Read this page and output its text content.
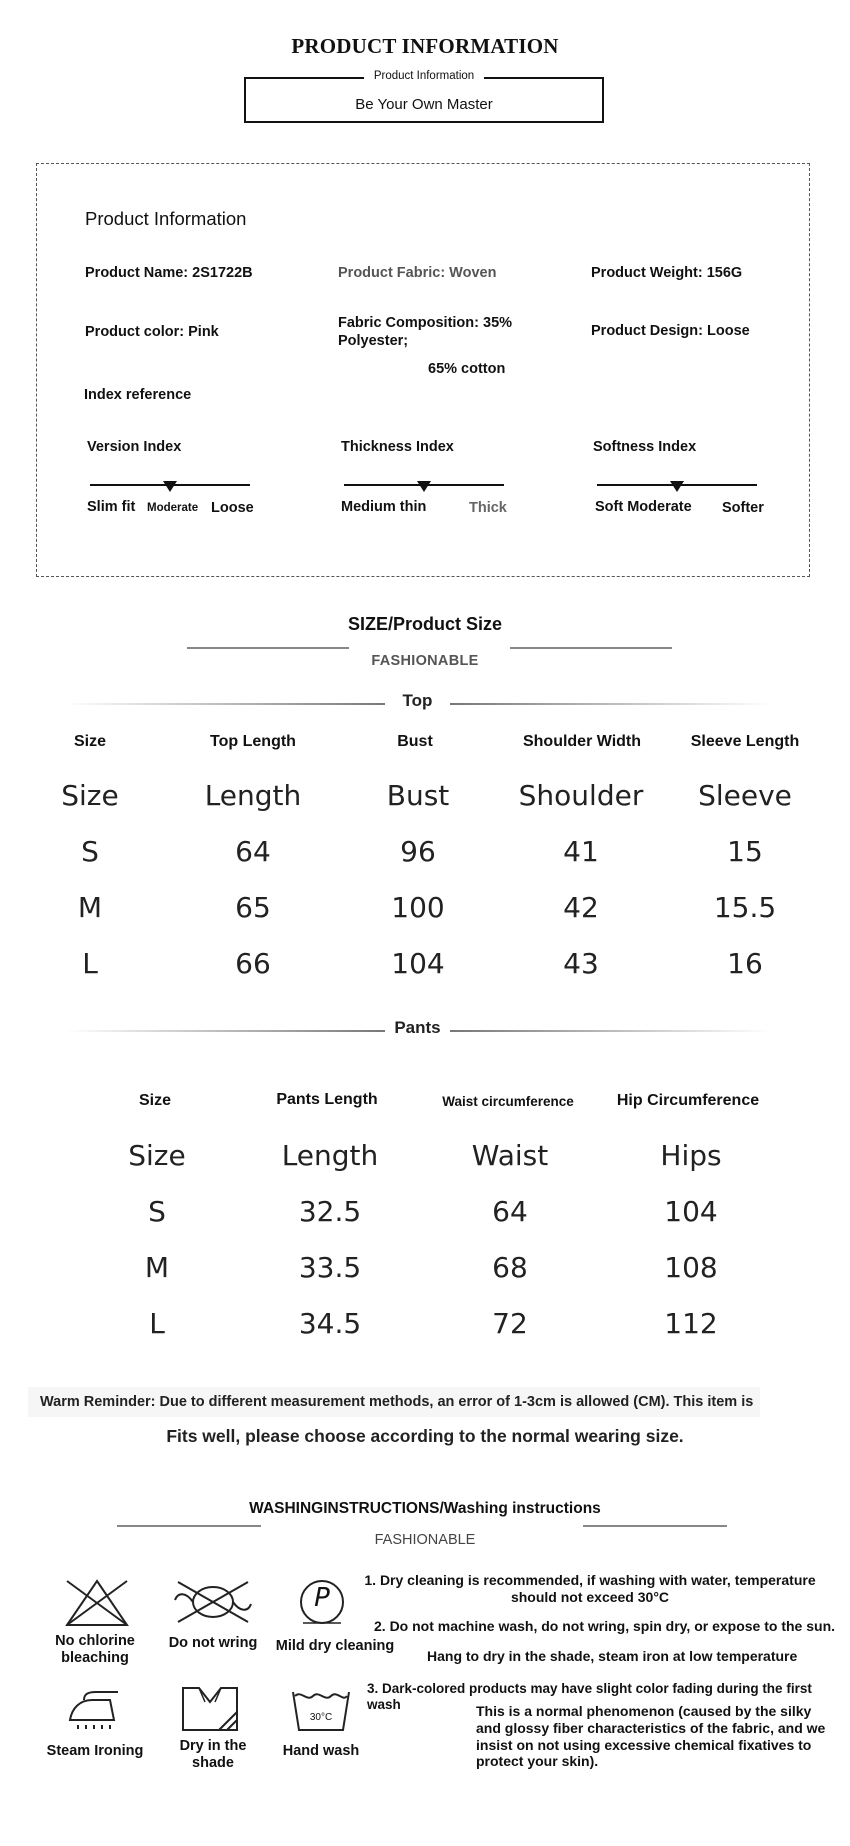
PRODUCT INFORMATION
Product Information
Be Your Own Master
Product Information
Product Name: 2S1722B	Product Fabric: Woven	Product Weight: 156G
Product color: Pink
Fabric Composition: 35%
Polyester;
65% cotton
Product Design: Loose
Index reference
Version Index
Slim fit Moderate Loose
Thickness Index
Medium thin	Thick
Softness Index
Soft Moderate Softer
SIZE/Product Size
FASHIONABLE
Top
Size	Top Length	Bust	Shoulder Width	Sleeve Length
Size	Length	Bust	Shoulder	Sleeve
S	64	96	41	15
M	65	100	42	15.5
L	66	104	43	16
Pants
Size	Pants Length	Waist circumference	Hip Circumference
Size	Length	Waist	Hips
S	32.5	64	104
M	33.5	68	108
L	34.5	72	112
Warm Reminder: Due to different measurement methods, an error of 1-3cm is allowed (CM). This item is
Fits well, please choose according to the normal wearing size.
WASHINGINSTRUCTIONS/Washing instructions
FASHIONABLE
No chlorine
bleaching
Do not wring
P
Mild dry cleaning
Steam Ironing	Dry in the
shade
30°C
Hand wash
1. Dry cleaning is recommended, if washing with water, temperature
should not exceed 30°C
2. Do not machine wash, do not wring, spin dry, or expose to the sun.
Hang to dry in the shade, steam iron at low temperature
3. Dark-colored products may have slight color fading during the first wash	This is a normal phenomenon (caused by the silky and glossy fiber characteristics of the fabric, and we insist on not using excessive chemical fixatives to protect your skin).
